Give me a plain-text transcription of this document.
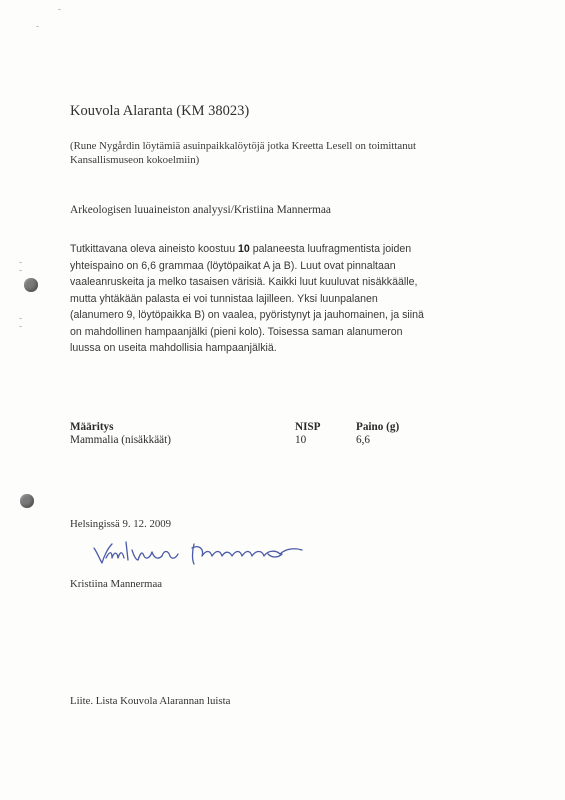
Kouvola Alaranta (KM 38023)
(Rune Nygårdin löytämiä asuinpaikkalöytöjä jotka Kreetta Lesell on toimittanut Kansallismuseon kokoelmiin)
Arkeologisen luuaineiston analyysi/Kristiina Mannermaa
Tutkittavana oleva aineisto koostuu 10 palaneesta luufragmentista joiden yhteispaino on 6,6 grammaa (löytöpaikat A ja B). Luut ovat pinnaltaan vaaleanruskeita ja melko tasaisen värisiä. Kaikki luut kuuluvat nisäkkäälle, mutta yhtäkään palasta ei voi tunnistaa lajilleen. Yksi luunpalanen (alanumero 9, löytöpaikka B) on vaalea, pyöristynyt ja jauhomainen, ja siinä on mahdollinen hampaanjälki (pieni kolo). Toisessa saman alanumeron luussa on useita mahdollisia hampaanjälkiä.
Määritys	NISP	Paino (g)
Mammalia (nisäkkäät)	10	6,6
Helsingissä 9. 12. 2009
Kristiina Mannermaa
Liite. Lista Kouvola Alarannan luista
